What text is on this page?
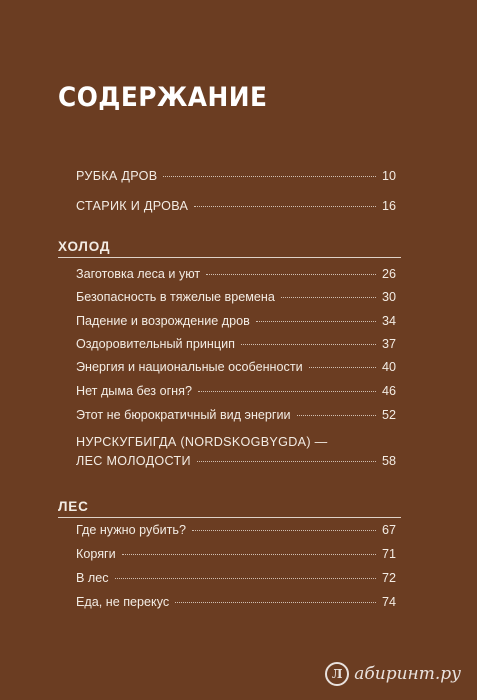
СОДЕРЖАНИЕ
РУБКА ДРОВ	10
СТАРИК И ДРОВА	16
ХОЛОД
Заготовка леса и уют	26
Безопасность в тяжелые времена	30
Падение и возрождение дров	34
Оздоровительный принцип	37
Энергия и национальные особенности	40
Нет дыма без огня?	46
Этот не бюрократичный вид энергии	52
НУРСКУГБИГДА (NORDSKOGBYGDA) —
ЛЕС МОЛОДОСТИ	58
ЛЕС
Где нужно рубить?	67
Коряги	71
В лес	72
Еда, не перекус	74
Л абиринт.ру
